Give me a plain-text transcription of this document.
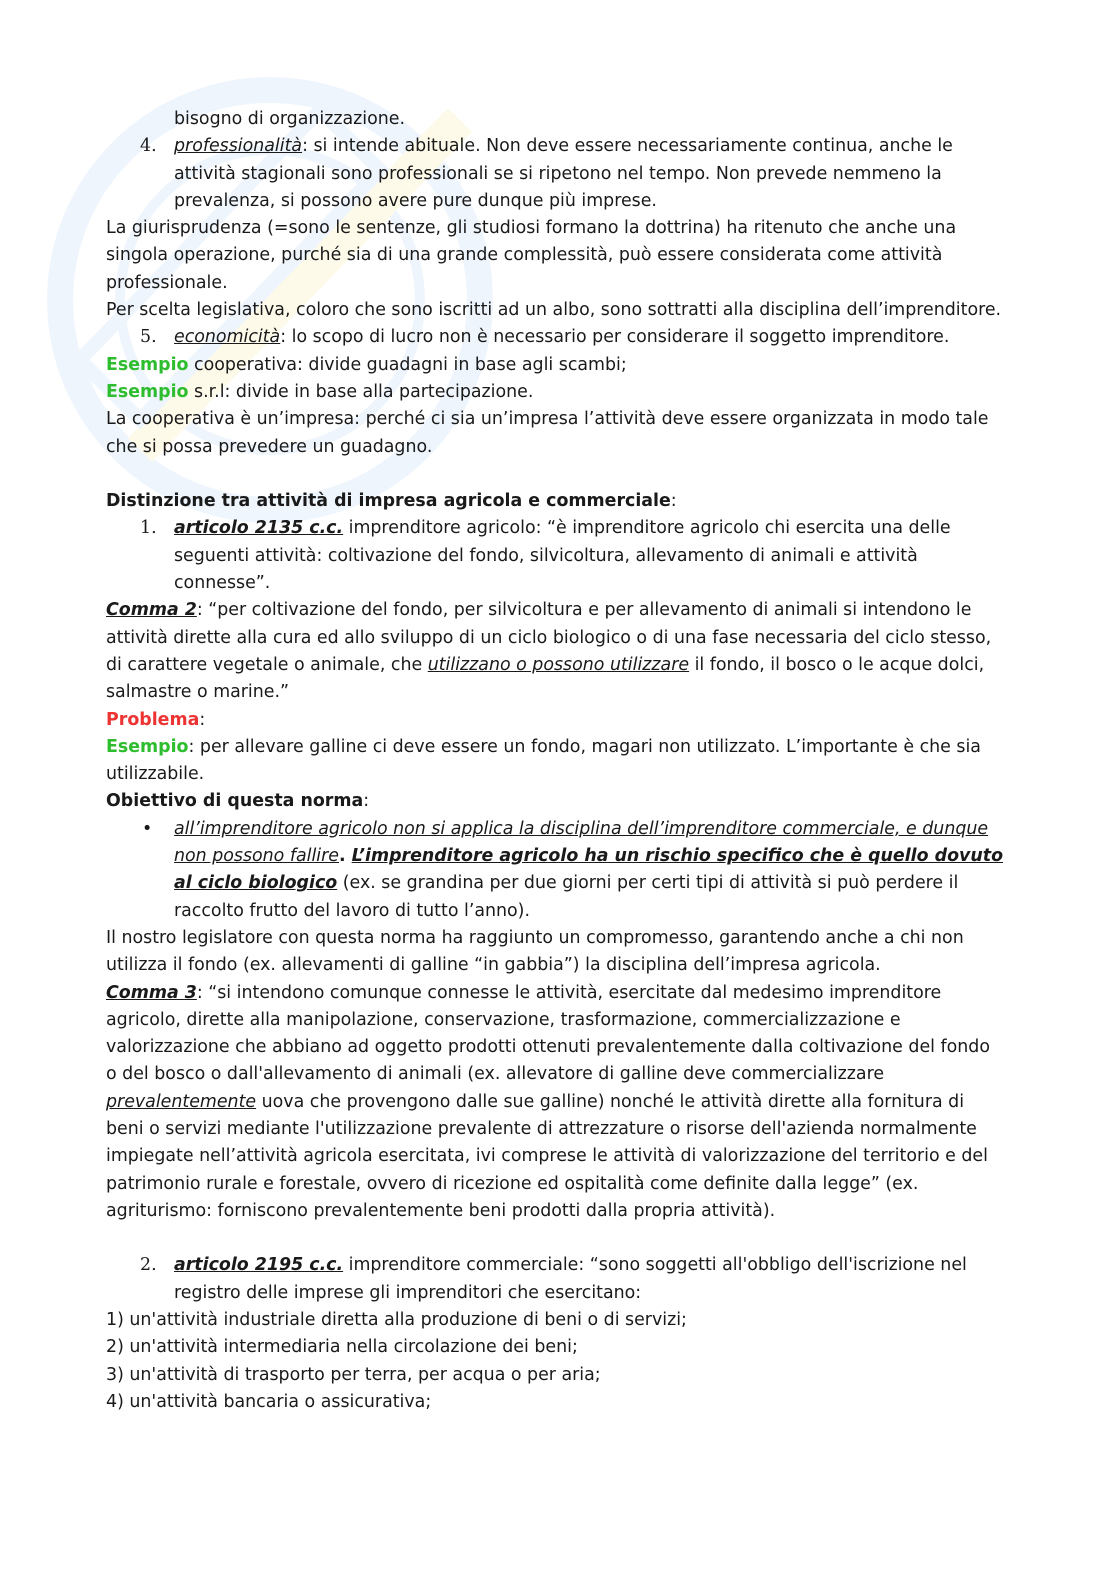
bisogno di organizzazione.

4. professionalità: si intende abituale. Non deve essere necessariamente continua, anche le attività stagionali sono professionali se si ripetono nel tempo. Non prevede nemmeno la prevalenza, si possono avere pure dunque più imprese.

La giurisprudenza (=sono le sentenze, gli studiosi formano la dottrina) ha ritenuto che anche una singola operazione, purché sia di una grande complessità, può essere considerata come attività professionale.

Per scelta legislativa, coloro che sono iscritti ad un albo, sono sottratti alla disciplina dell’imprenditore.

5. economicità: lo scopo di lucro non è necessario per considerare il soggetto imprenditore.

Esempio cooperativa: divide guadagni in base agli scambi;

Esempio s.r.l: divide in base alla partecipazione.

La cooperativa è un’impresa: perché ci sia un’impresa l’attività deve essere organizzata in modo tale che si possa prevedere un guadagno.

Distinzione tra attività di impresa agricola e commerciale:

1. articolo 2135 c.c. imprenditore agricolo: “è imprenditore agricolo chi esercita una delle seguenti attività: coltivazione del fondo, silvicoltura, allevamento di animali e attività connesse”.

Comma 2: “per coltivazione del fondo, per silvicoltura e per allevamento di animali si intendono le attività dirette alla cura ed allo sviluppo di un ciclo biologico o di una fase necessaria del ciclo stesso, di carattere vegetale o animale, che utilizzano o possono utilizzare il fondo, il bosco o le acque dolci, salmastre o marine.”

Problema:

Esempio: per allevare galline ci deve essere un fondo, magari non utilizzato. L’importante è che sia utilizzabile.

Obiettivo di questa norma:

• all’imprenditore agricolo non si applica la disciplina dell’imprenditore commerciale, e dunque non possono fallire. L’imprenditore agricolo ha un rischio specifico che è quello dovuto al ciclo biologico (ex. se grandina per due giorni per certi tipi di attività si può perdere il raccolto frutto del lavoro di tutto l’anno).

Il nostro legislatore con questa norma ha raggiunto un compromesso, garantendo anche a chi non utilizza il fondo (ex. allevamenti di galline “in gabbia”) la disciplina dell’impresa agricola.

Comma 3: “si intendono comunque connesse le attività, esercitate dal medesimo imprenditore agricolo, dirette alla manipolazione, conservazione, trasformazione, commercializzazione e valorizzazione che abbiano ad oggetto prodotti ottenuti prevalentemente dalla coltivazione del fondo o del bosco o dall'allevamento di animali (ex. allevatore di galline deve commercializzare prevalentemente uova che provengono dalle sue galline) nonché le attività dirette alla fornitura di beni o servizi mediante l'utilizzazione prevalente di attrezzature o risorse dell'azienda normalmente impiegate nell’attività agricola esercitata, ivi comprese le attività di valorizzazione del territorio e del patrimonio rurale e forestale, ovvero di ricezione ed ospitalità come definite dalla legge” (ex. agriturismo: forniscono prevalentemente beni prodotti dalla propria attività).

2. articolo 2195 c.c. imprenditore commerciale: “sono soggetti all'obbligo dell'iscrizione nel registro delle imprese gli imprenditori che esercitano:

1) un'attività industriale diretta alla produzione di beni o di servizi;

2) un'attività intermediaria nella circolazione dei beni;

3) un'attività di trasporto per terra, per acqua o per aria;

4) un'attività bancaria o assicurativa;
